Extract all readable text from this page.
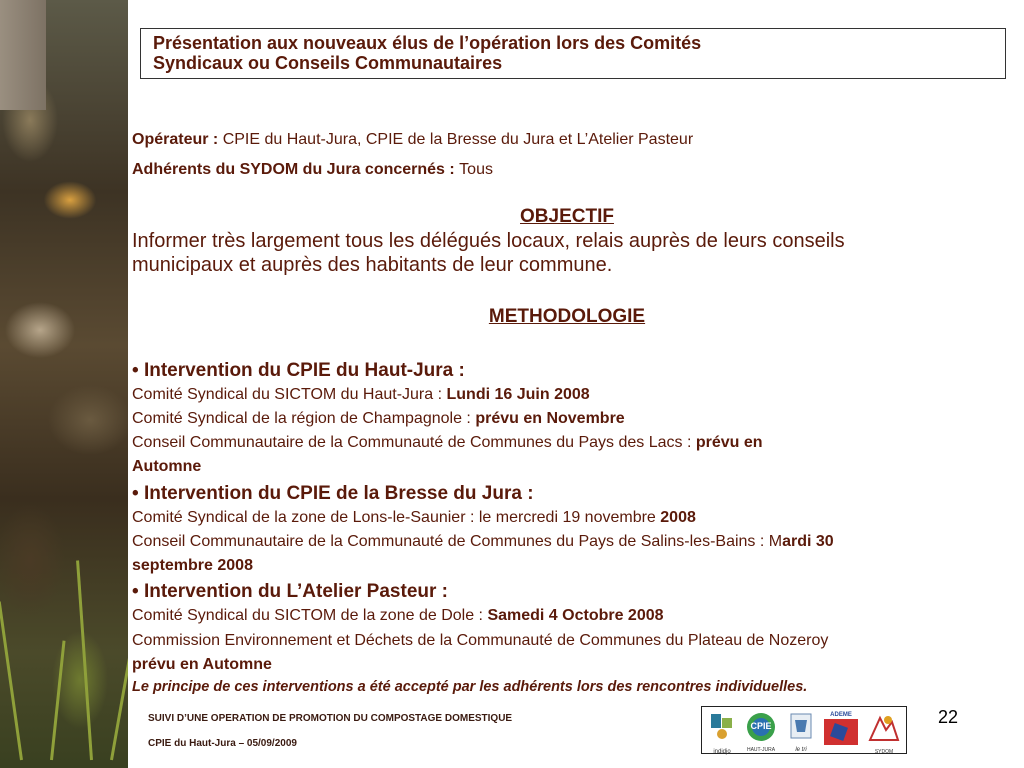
Présentation aux nouveaux élus de l’opération lors des Comités
Syndicaux ou Conseils Communautaires
Opérateur : CPIE du Haut-Jura, CPIE de la Bresse du Jura et L’Atelier Pasteur
Adhérents du SYDOM du Jura concernés : Tous
OBJECTIF
Informer très largement tous les délégués locaux, relais auprès de leurs conseils
municipaux et auprès des habitants de leur commune.
METHODOLOGIE
• Intervention du CPIE du Haut-Jura :
Comité Syndical du SICTOM du Haut-Jura : Lundi 16 Juin 2008
Comité Syndical de la région de Champagnole : prévu en Novembre
Conseil Communautaire de la Communauté de Communes du Pays des Lacs : prévu en
Automne
• Intervention du CPIE de la Bresse du Jura :
Comité Syndical de la zone de Lons-le-Saunier : le mercredi 19 novembre 2008
Conseil Communautaire de la Communauté de Communes du Pays de Salins-les-Bains : Mardi 30
septembre 2008
• Intervention du L’Atelier Pasteur :
Comité Syndical du SICTOM de la zone de Dole : Samedi 4 Octobre 2008
Commission Environnement et Déchets de la Communauté de Communes du Plateau de Nozeroy
prévu en Automne
Le principe de ces interventions a été accepté par les adhérents lors des rencontres individuelles.
SUIVI D’UNE OPERATION DE PROMOTION DU COMPOSTAGE DOMESTIQUE
CPIE du Haut-Jura – 05/09/2009
indidjo
CPIE
HAUT-JURA	le tri
ADEME
SYDOM
22
